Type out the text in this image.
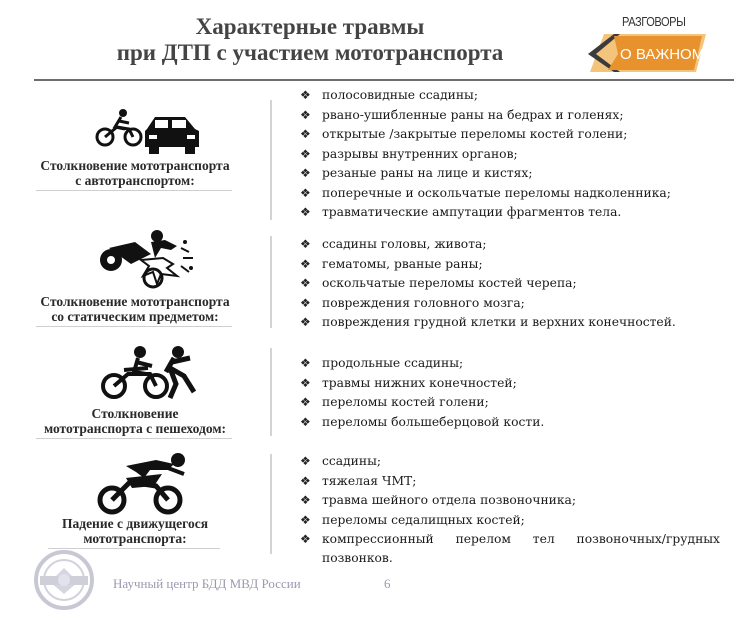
Характерные травмы
при ДТП с участием мототранспорта
РАЗГОВОРЫ
О ВАЖНОМ
Столкновение мототранспорта
с автотранспортом:
❖ полосовидные ссадины;
❖ рвано-ушибленные раны на бедрах и голенях;
❖ открытые /закрытые переломы костей голени;
❖ разрывы внутренних органов;
❖ резаные раны на лице и кистях;
❖ поперечные и оскольчатые переломы надколенника;
❖ травматические ампутации фрагментов тела.
Столкновение мототранспорта
со статическим предметом:
❖ ссадины головы, живота;
❖ гематомы, рваные раны;
❖ оскольчатые переломы костей черепа;
❖ повреждения головного мозга;
❖ повреждения грудной клетки и верхних конечностей.
Столкновение
мототранспорта с пешеходом:
❖ продольные ссадины;
❖ травмы нижних конечностей;
❖ переломы костей голени;
❖ переломы большеберцовой кости.
Падение с движущегося
мототранспорта:
❖ ссадины;
❖ тяжелая ЧМТ;
❖ травма шейного отдела позвоночника;
❖ переломы седалищных костей;
❖ компрессионный перелом тел позвоночных/грудных позвонков.
Научный центр БДД МВД России	6
